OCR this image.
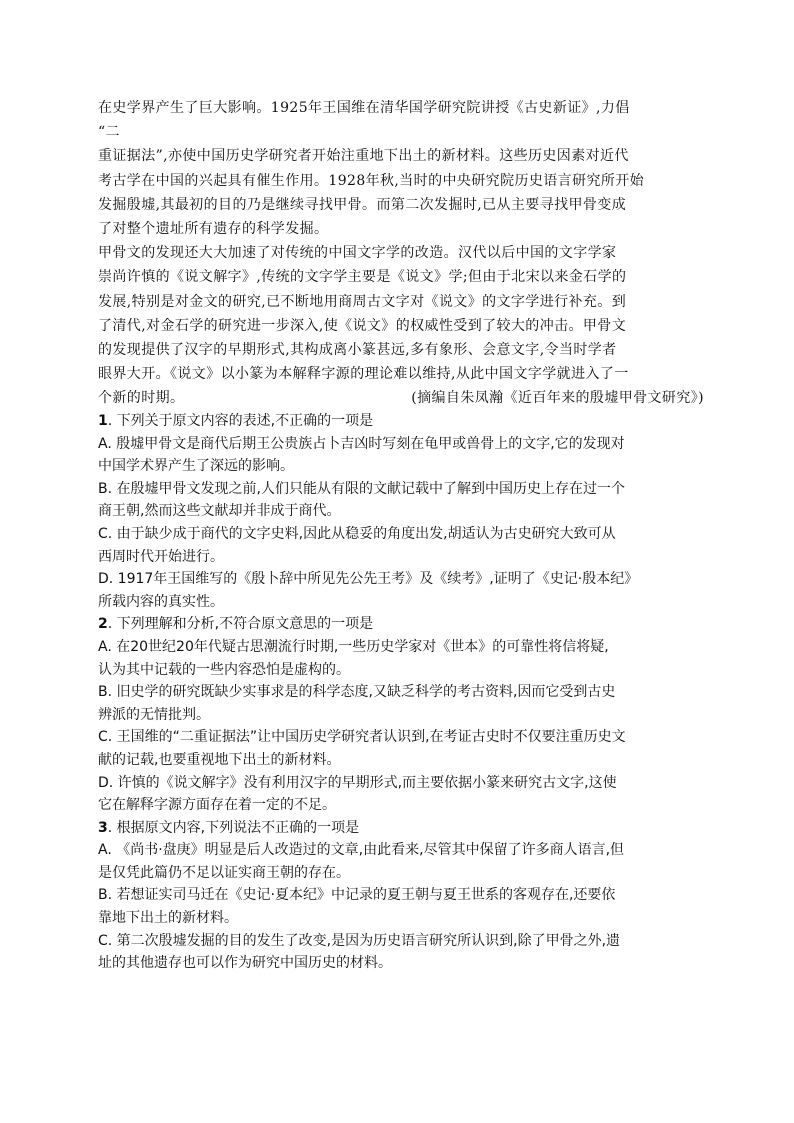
在史学界产生了巨大影响。1925年王国维在清华国学研究院讲授《古史新证》,力倡
“二
重证据法”,亦使中国历史学研究者开始注重地下出土的新材料。这些历史因素对近代
考古学在中国的兴起具有催生作用。1928年秋,当时的中央研究院历史语言研究所开始
发掘殷墟,其最初的目的乃是继续寻找甲骨。而第二次发掘时,已从主要寻找甲骨变成
了对整个遗址所有遗存的科学发掘。
甲骨文的发现还大大加速了对传统的中国文字学的改造。汉代以后中国的文字学家
崇尚许慎的《说文解字》,传统的文字学主要是《说文》学;但由于北宋以来金石学的
发展,特别是对金文的研究,已不断地用商周古文字对《说文》的文字学进行补充。到
了清代,对金石学的研究进一步深入,使《说文》的权威性受到了较大的冲击。甲骨文
的发现提供了汉字的早期形式,其构成离小篆甚远,多有象形、会意文字,令当时学者
眼界大开。《说文》以小篆为本解释字源的理论难以维持,从此中国文字学就进入了一
个新的时期。	(摘编自朱凤瀚《近百年来的殷墟甲骨文研究》)
1. 下列关于原文内容的表述,不正确的一项是
A. 殷墟甲骨文是商代后期王公贵族占卜吉凶时写刻在龟甲或兽骨上的文字,它的发现对
中国学术界产生了深远的影响。
B. 在殷墟甲骨文发现之前,人们只能从有限的文献记载中了解到中国历史上存在过一个
商王朝,然而这些文献却并非成于商代。
C. 由于缺少成于商代的文字史料,因此从稳妥的角度出发,胡适认为古史研究大致可从
西周时代开始进行。
D. 1917年王国维写的《殷卜辞中所见先公先王考》及《续考》,证明了《史记·殷本纪》
所载内容的真实性。
2. 下列理解和分析,不符合原文意思的一项是
A. 在20世纪20年代疑古思潮流行时期,一些历史学家对《世本》的可靠性将信将疑,
认为其中记载的一些内容恐怕是虚构的。
B. 旧史学的研究既缺少实事求是的科学态度,又缺乏科学的考古资料,因而它受到古史
辨派的无情批判。
C. 王国维的“二重证据法”让中国历史学研究者认识到,在考证古史时不仅要注重历史文
献的记载,也要重视地下出土的新材料。
D. 许慎的《说文解字》没有利用汉字的早期形式,而主要依据小篆来研究古文字,这使
它在解释字源方面存在着一定的不足。
3. 根据原文内容,下列说法不正确的一项是
A. 《尚书·盘庚》明显是后人改造过的文章,由此看来,尽管其中保留了许多商人语言,但
是仅凭此篇仍不足以证实商王朝的存在。
B. 若想证实司马迁在《史记·夏本纪》中记录的夏王朝与夏王世系的客观存在,还要依
靠地下出土的新材料。
C. 第二次殷墟发掘的目的发生了改变,是因为历史语言研究所认识到,除了甲骨之外,遗
址的其他遗存也可以作为研究中国历史的材料。
